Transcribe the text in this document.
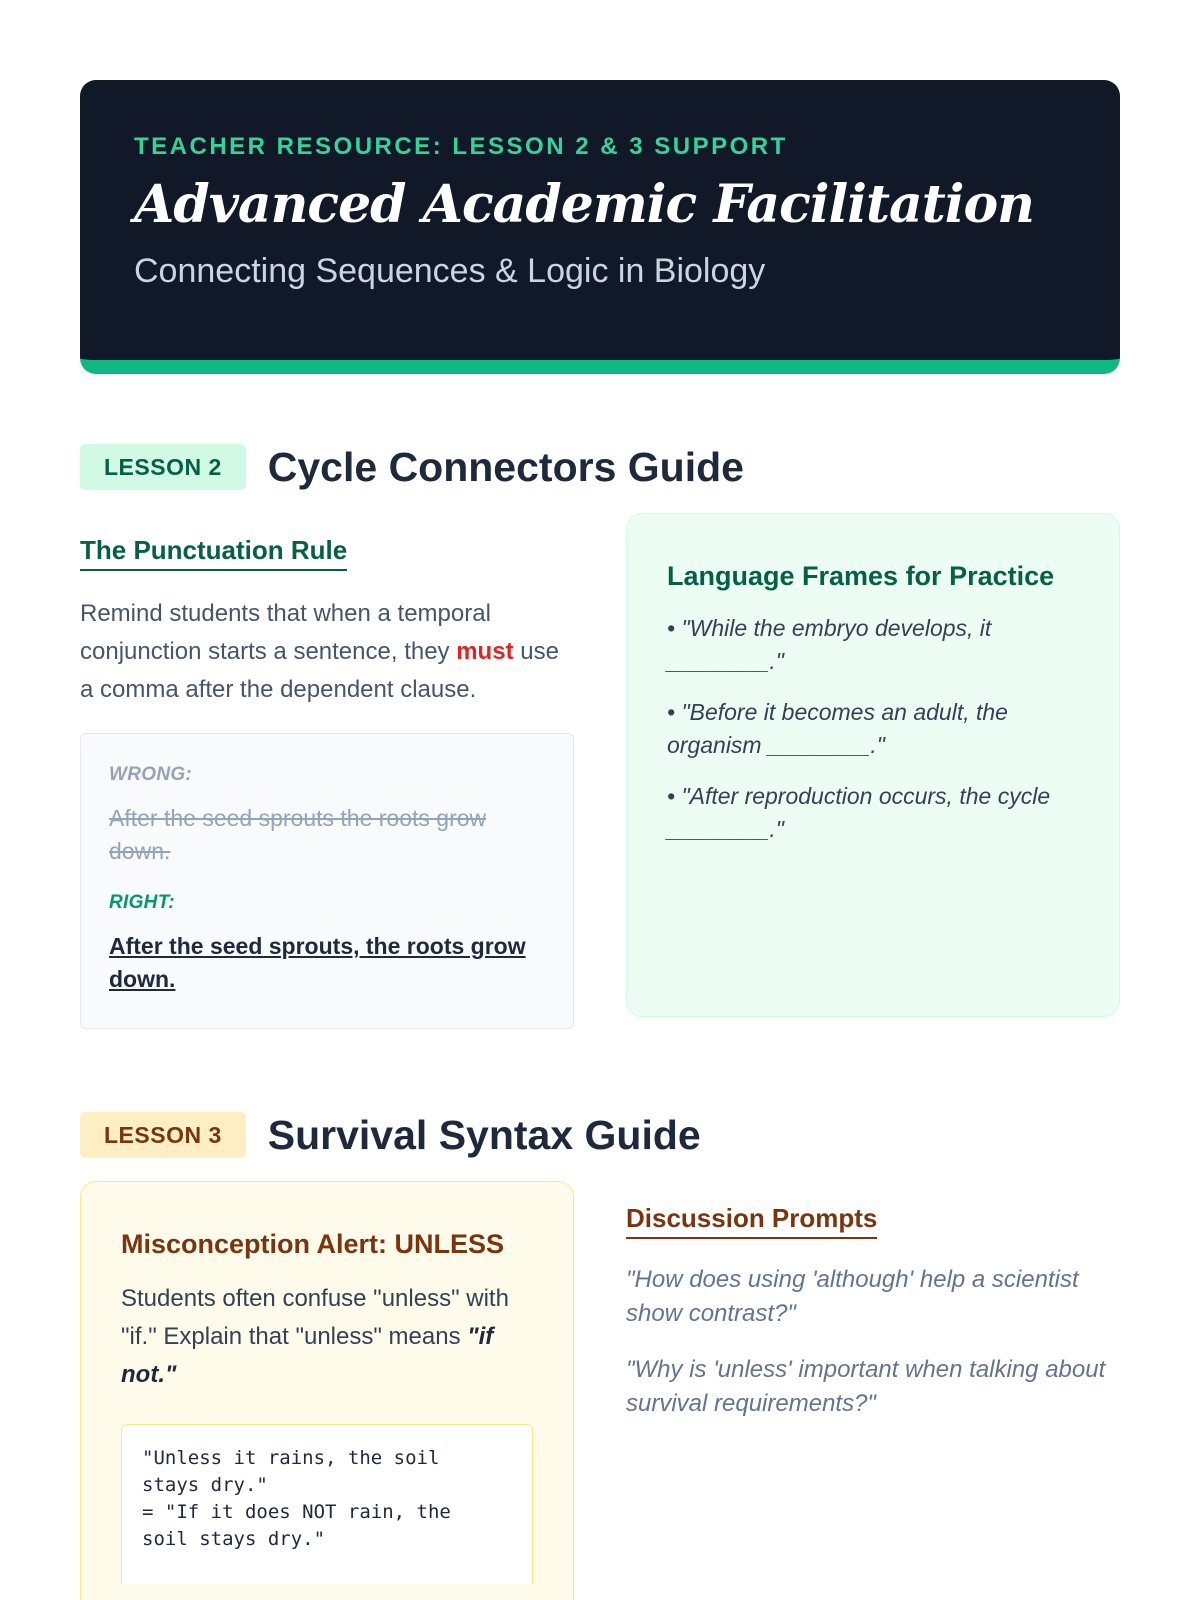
TEACHER RESOURCE: LESSON 2 & 3 SUPPORT
Advanced Academic Facilitation
Connecting Sequences & Logic in Biology
LESSON 2	Cycle Connectors Guide
The Punctuation Rule
Remind students that when a temporal conjunction starts a sentence, they must use a comma after the dependent clause.
WRONG:
After the seed sprouts the roots grow down.
RIGHT:
After the seed sprouts, the roots grow down.
Language Frames for Practice
• "While the embryo develops, it ________."
• "Before it becomes an adult, the organism ________."
• "After reproduction occurs, the cycle ________."
LESSON 3	Survival Syntax Guide
Misconception Alert: UNLESS
Students often confuse "unless" with "if." Explain that "unless" means "if not."
"Unless it rains, the soil
stays dry."
= "If it does NOT rain, the
soil stays dry."
Discussion Prompts
"How does using 'although' help a scientist show contrast?"
"Why is 'unless' important when talking about survival requirements?"
